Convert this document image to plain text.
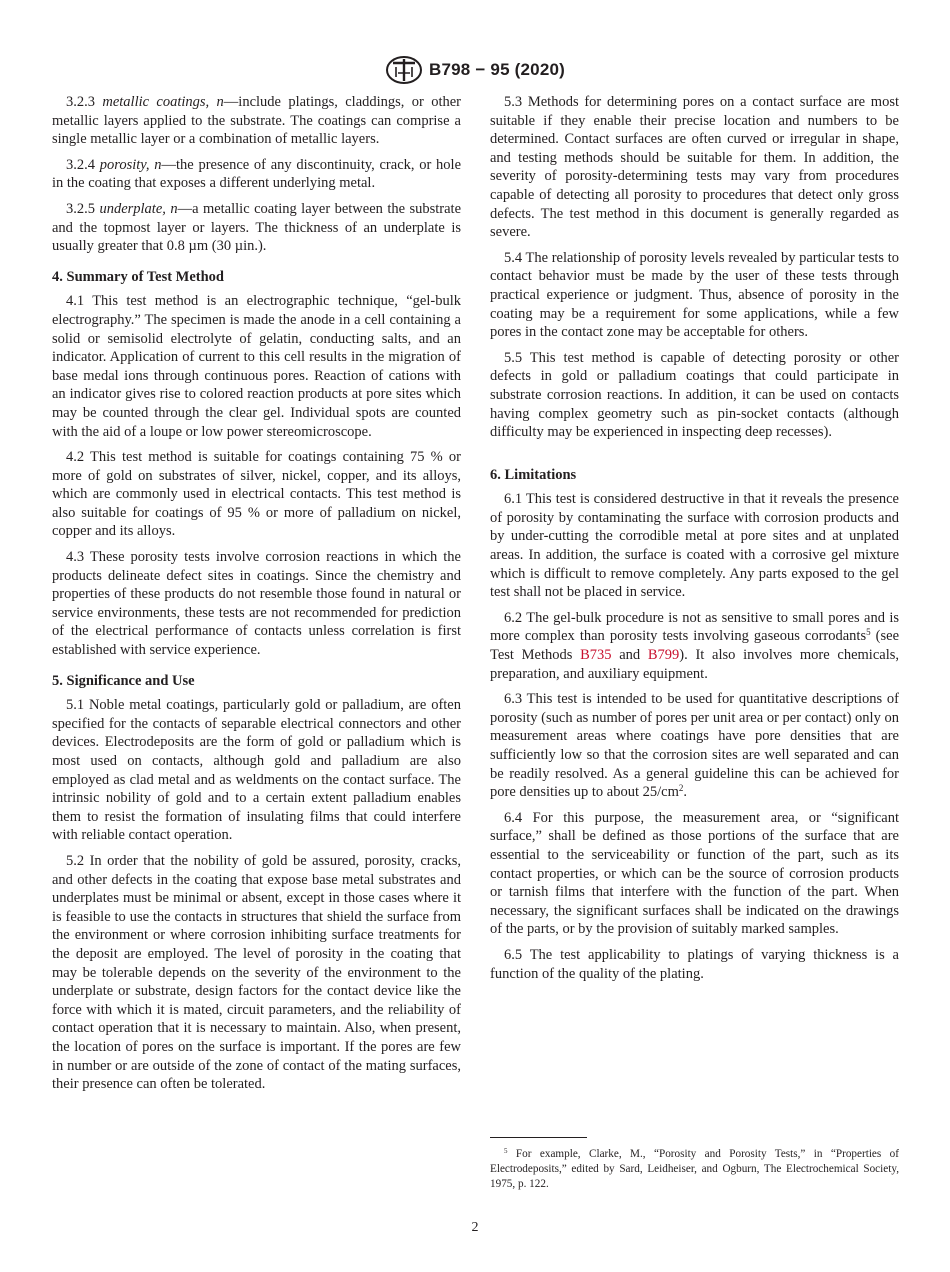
B798 − 95 (2020)

3.2.3 metallic coatings, n—include platings, claddings, or other metallic layers applied to the substrate. The coatings can comprise a single metallic layer or a combination of metallic layers.

3.2.4 porosity, n—the presence of any discontinuity, crack, or hole in the coating that exposes a different underlying metal.

3.2.5 underplate, n—a metallic coating layer between the substrate and the topmost layer or layers. The thickness of an underplate is usually greater that 0.8 µm (30 µin.).

4. Summary of Test Method

4.1 This test method is an electrographic technique, “gel-bulk electrography.” The specimen is made the anode in a cell containing a solid or semisolid electrolyte of gelatin, conducting salts, and an indicator. Application of current to this cell results in the migration of base medal ions through continuous pores. Reaction of cations with an indicator gives rise to colored reaction products at pore sites which may be counted through the clear gel. Individual spots are counted with the aid of a loupe or low power stereomicroscope.

4.2 This test method is suitable for coatings containing 75 % or more of gold on substrates of silver, nickel, copper, and its alloys, which are commonly used in electrical contacts. This test method is also suitable for coatings of 95 % or more of palladium on nickel, copper and its alloys.

4.3 These porosity tests involve corrosion reactions in which the products delineate defect sites in coatings. Since the chemistry and properties of these products do not resemble those found in natural or service environments, these tests are not recommended for prediction of the electrical performance of contacts unless correlation is first established with service experience.

5. Significance and Use

5.1 Noble metal coatings, particularly gold or palladium, are often specified for the contacts of separable electrical connectors and other devices. Electrodeposits are the form of gold or palladium which is most used on contacts, although gold and palladium are also employed as clad metal and as weldments on the contact surface. The intrinsic nobility of gold and to a certain extent palladium enables them to resist the formation of insulating films that could interfere with reliable contact operation.

5.2 In order that the nobility of gold be assured, porosity, cracks, and other defects in the coating that expose base metal substrates and underplates must be minimal or absent, except in those cases where it is feasible to use the contacts in structures that shield the surface from the environment or where corrosion inhibiting surface treatments for the deposit are employed. The level of porosity in the coating that may be tolerable depends on the severity of the environment to the underplate or substrate, design factors for the contact device like the force with which it is mated, circuit parameters, and the reliability of contact operation that it is necessary to maintain. Also, when present, the location of pores on the surface is important. If the pores are few in number or are outside of the zone of contact of the mating surfaces, their presence can often be tolerated.

5.3 Methods for determining pores on a contact surface are most suitable if they enable their precise location and numbers to be determined. Contact surfaces are often curved or irregular in shape, and testing methods should be suitable for them. In addition, the severity of porosity-determining tests may vary from procedures capable of detecting all porosity to procedures that detect only gross defects. The test method in this document is generally regarded as severe.

5.4 The relationship of porosity levels revealed by particular tests to contact behavior must be made by the user of these tests through practical experience or judgment. Thus, absence of porosity in the coating may be a requirement for some applications, while a few pores in the contact zone may be acceptable for others.

5.5 This test method is capable of detecting porosity or other defects in gold or palladium coatings that could participate in substrate corrosion reactions. In addition, it can be used on contacts having complex geometry such as pin-socket contacts (although difficulty may be experienced in inspecting deep recesses).

6. Limitations

6.1 This test is considered destructive in that it reveals the presence of porosity by contaminating the surface with corrosion products and by under-cutting the corrodible metal at pore sites and at unplated areas. In addition, the surface is coated with a corrosive gel mixture which is difficult to remove completely. Any parts exposed to the gel test shall not be placed in service.

6.2 The gel-bulk procedure is not as sensitive to small pores and is more complex than porosity tests involving gaseous corrodants$^5$ (see Test Methods B735 and B799). It also involves more chemicals, preparation, and auxiliary equipment.

6.3 This test is intended to be used for quantitative descriptions of porosity (such as number of pores per unit area or per contact) only on measurement areas where coatings have pore densities that are sufficiently low so that the corrosion sites are well separated and can be readily resolved. As a general guideline this can be achieved for pore densities up to about $25/cm^2$.

6.4 For this purpose, the measurement area, or “significant surface,” shall be defined as those portions of the surface that are essential to the serviceability or function of the part, such as its contact properties, or which can be the source of corrosion products or tarnish films that interfere with the function of the part. When necessary, the significant surfaces shall be indicated on the drawings of the parts, or by the provision of suitably marked samples.

6.5 The test applicability to platings of varying thickness is a function of the quality of the plating.

$^5$ For example, Clarke, M., “Porosity and Porosity Tests,” in “Properties of Electrodeposits,” edited by Sard, Leidheiser, and Ogburn, The Electrochemical Society, 1975, p. 122.

2
